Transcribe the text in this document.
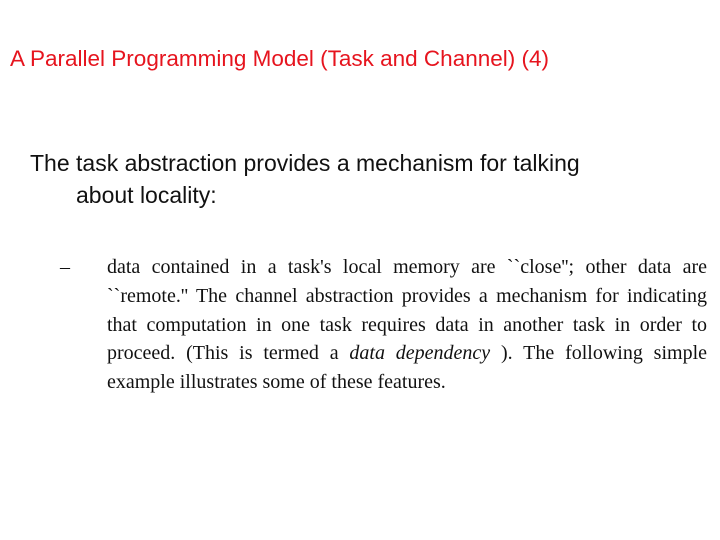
A Parallel Programming Model (Task and Channel) (4)

The task abstraction provides a mechanism for talking
about locality:

– data contained in a task's local memory are ``close''; other data are ``remote.'' The channel abstraction provides a mechanism for indicating that computation in one task requires data in another task in order to proceed. (This is termed a data dependency ). The following simple example illustrates some of these features.
